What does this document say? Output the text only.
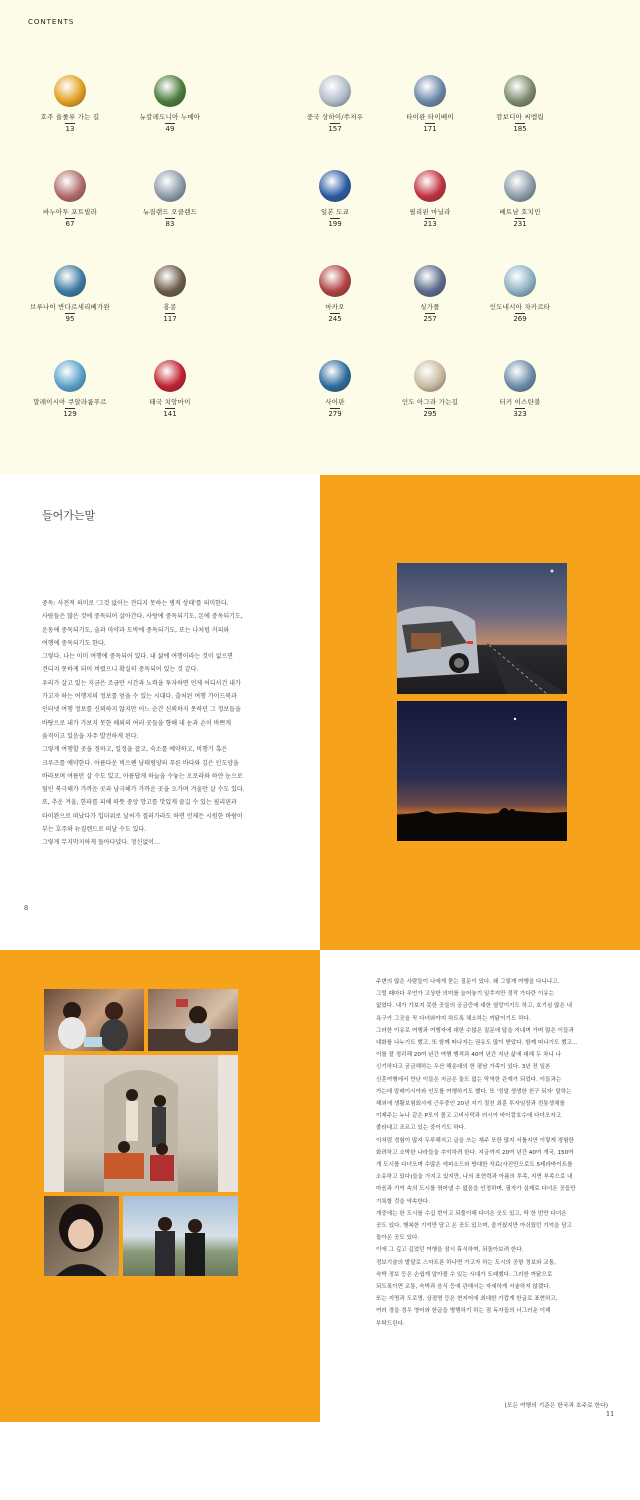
CONTENTS
호주 울룰루 가는 길
13
뉴칼레도니아 누메아
49
중국 상하이/쑤저우
157
타이완 타이베이
171
캄보디아 씨엠립
185
바누아투 포트빌라
67
뉴질랜드 오클랜드
83
일본 도쿄
199
필리핀 마닐라
213
베트남 호치민
231
브루나이 반다르세리베가완
95
홍콩
117
마카오
245
싱가폴
257
인도네시아 자카르타
269
말레이시아 쿠알라룸푸르
129
태국 치앙마이
141
사이판
279
인도 아그라 가는길
295
터키 이스탄불
323
들어가는말

중독: 사전적 의미로 '그것 없이는 견디지 못하는 병적 상태'를 의미한다.

사람들은 많은 것에 중독되어 살아간다. 사랑에 중독되기도, 돈에 중독되기도,

운동에 중독되기도, 술과 마약과 도박에 중독되기도, 또는 나처럼 커피와

여행에 중독되기도 한다.

그렇다. 나는 이미 여행에 중독되어 있다. 내 삶에 여행이라는 것이 없으면

견디지 못하게 되어 버렸으니 확실히 중독되어 있는 것 같다.

우리가 살고 있는 지금은 조금만 시간과 노력을 투자하면 언제 어디서건 내가

가고자 하는 여행지의 정보를 얻을 수 있는 시대다. 출처된 여행 가이드북과

인터넷 여행 정보를 신뢰하지 않지만 어느 순간 신뢰하지 못하던 그 정보들을

바탕으로 내가 가보지 못한 해외의 여러 곳들을 향해 내 눈과 손이 바쁘게

움직이고 있음을 자주 발견하게 된다.

그렇게 여행할 곳을 정하고, 일정을 잡고, 숙소를 예약하고, 비행기 혹은

크루즈를 예약한다. 아름다운 빅으펜 남태평양의 푸른 바다와 깊은 인도양을

바라보며 여름만 살 수도 있고, 아름답게 하늘을 수놓는 오로라와 하얀 눈으로

덮인 북극해가 가까운 곳과 남극해가 가까운 곳을 오가며 겨울만 살 수도 있다.

또, 추운 겨울, 한파를 피해 따뜻 중앙 망고를 맛있게 즐길 수 있는 필리핀과

타이완으로 떠났다가 입더위로 날씨가 절러가라도 하면 언제든 시원한 바람이

부는 호주와 뉴질랜드로 떠날 수도 있다.

그렇게 무지막지하게 돌아다녔다. 정신없이…

8

주변의 많은 사람들이 나에게 묻는 질문이 있다. 왜 그렇게 여행을 다니냐고.

그럴 때마다 무언가 고상한 의미를 늘어놓기 일쑤지만 정작 가다란 이유는

없었다. 내가 가보지 못한 곳들의 궁금증에 대한 열망이기도 하고, 호기심 많은 내

욕구가 그곳을 꼭 다녀와야지 하도록 채소하는 까닭이기도 하다.

그러한 이유로 여행과 여행자에 대한 수많은 질문에 답을 지내며 가며 많은 이들과

대화를 나누기도 했고, 또 함께 떠나자는 권유도 많이 받았다. 함께 떠나기도 했고…

이를 잘 정리해 20여 년간 여행 행적과 40여 년간 지난 삶에 대해 두 차니 나

신기하다고 궁금해하는 우산 해운대의 한 평남 가족이 있다. 3년 전 일본

신혼여행에서 만난 이들은 지금은 둘도 없는 막역한 관계가 되었다. 이들과는

가는데 말레이시아와 인도를 여행하기도 했다. 또 '정말 생생한 친구 되자' 말하는

해외에 생활보험회사에 근무중인 20년 지기 절친 최훈 투자임장과 전통생채를

이제주는 누나 같은 P모이 몰고 고비사막과 러시아 바이칼호수에 다녀오자고

졸라대고 조르고 있는 중이기도 하다.

이처럼 경험이 많지 두루해지고 글을 쓰는 재주 또한 많지 서툴지만 이렇게 경험한

화려하고 소박한 나라들을 추억하려 한다. 지금까지 20여 년간 40여 개국, 150여

개 도시를 다녀오며 수많은 에피소드와 방대한 자료(사진만으로도 5테라바이트를

소유하고 있다)들을 가지고 있지만, 나의 표현력과 아픔의 투족, 지면 부족으로 내

마음과 기억 속의 도시를 엮어낼 수 없음을 인정하며, 필자가 실제로 다녀온 곳들만

기록할 것을 약속한다.

개중에는 한 도시를 수십 번이고 되풀이해 다녀온 곳도 있고, 딱 한 번만 다녀온

곳도 있다. 행복한 기억만 담고 온 곳도 있으며, 즐거웠지만 아쉬웠던 기억을 담고

돌아온 곳도 있다.

이에 그 깊고 깊었던 여행을 잠시 휴식하며, 되돌아보려 한다.

정보기술의 발달로 스마트폰 하나면 가고자 하는 도시의 공항 정보와 교통,

숙박 정보 등은 손쉽게 알아볼 수 있는 시대가 도래했다. 그러한 까닭으로

되도록이면 교통, 숙박과 음식 등에 관해서는 자세하게 서술하지 않겠다.

또는 지명과 도로명, 상점명 등은 현지어에 최대한 가깝게 한글로 표현하고,

여러 경을 경우 영어와 한글을 병행하기 하는 점 독자들의 너그러운 이해

부탁드린다.

(모든 여행의 기준은 한국과 호주로 한다)
11
